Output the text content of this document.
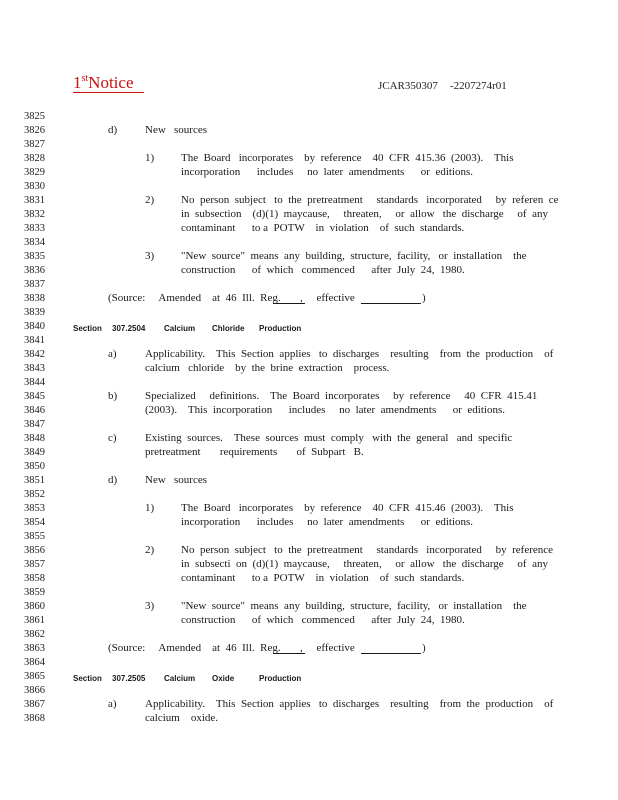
1stNotice	JCAR350307 -2207274r01
3825
3826
3827
3828
3829
3830
3831
3832
3833
3834
3835
3836
3837
3838
3839
3840
3841
3842
3843
3844
3845
3846
3847
3848
3849
3850
3851
3852
3853
3854
3855
3856
3857
3858
3859
3860
3861
3862
3863
3864
3865
3866
3867
3868
d)	New   sources
1) The  Board   incorporates    by  reference    40  CFR  415.36  (2003).    This
incorporation      includes     no  later  amendments      or  editions.
2) No  person  subject   to  the  pretreatment     standards   incorporated     by  referen  ce
in  subsection    (d)(1)  maycause,     threaten,     or  allow   the  discharge     of  any
contaminant      to a  POTW    in  violation    of  such  standards.
3) "New  source"  means  any  building,  structure,  facility,   or  installation    the
construction      of  which   commenced      after  July  24,  1980.
(Source:     Amended    at  46  Ill.  Reg. ,     effective	)
Section 307.2504 Calcium Chloride Production
a)	Applicability.    This  Section  applies   to  discharges    resulting    from  the  production    of
calcium   chloride    by  the  brine  extraction    process.
b)	Specialized     definitions.    The  Board  incorporates     by  reference     40  CFR  415.41
(2003).    This  incorporation      includes     no  later  amendments      or  editions.
c)	Existing  sources.    These  sources  must  comply   with  the  general   and  specific
pretreatment       requirements       of  Subpart   B.
d)	New   sources
1) The  Board   incorporates    by  reference    40  CFR  415.46  (2003).    This
incorporation      includes     no  later  amendments      or  editions.
2) No  person  subject   to  the  pretreatment     standards   incorporated     by  reference
in  subsecti  on  (d)(1)  maycause,     threaten,     or  allow   the  discharge     of  any
contaminant      to a  POTW    in  violation    of  such  standards.
3) "New  source"  means  any  building,  structure,  facility,   or  installation    the
construction      of  which   commenced      after  July  24,  1980.
(Source:     Amended    at  46  Ill.  Reg. ,     effective	)
Section 307.2505 Calcium Oxide	Production
a)	Applicability.    This  Section  applies   to  discharges    resulting    from  the  production    of
calcium    oxide.
